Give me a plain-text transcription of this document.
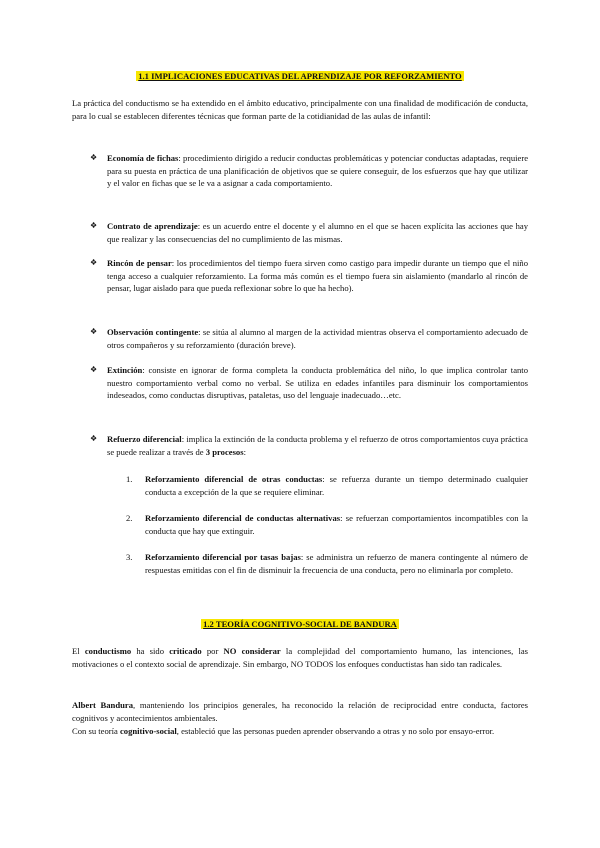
1.1 IMPLICACIONES EDUCATIVAS DEL APRENDIZAJE POR REFORZAMIENTO
La práctica del conductismo se ha extendido en el ámbito educativo, principalmente con una finalidad de modificación de conducta, para lo cual se establecen diferentes técnicas que forman parte de la cotidianidad de las aulas de infantil:
❖ Economía de fichas: procedimiento dirigido a reducir conductas problemáticas y potenciar conductas adaptadas, requiere para su puesta en práctica de una planificación de objetivos que se quiere conseguir, de los esfuerzos que hay que utilizar y el valor en fichas que se le va a asignar a cada comportamiento.
❖ Contrato de aprendizaje: es un acuerdo entre el docente y el alumno en el que se hacen explícita las acciones que hay que realizar y las consecuencias del no cumplimiento de las mismas.
❖ Rincón de pensar: los procedimientos del tiempo fuera sirven como castigo para impedir durante un tiempo que el niño tenga acceso a cualquier reforzamiento. La forma más común es el tiempo fuera sin aislamiento (mandarlo al rincón de pensar, lugar aislado para que pueda reflexionar sobre lo que ha hecho).
❖ Observación contingente: se sitúa al alumno al margen de la actividad mientras observa el comportamiento adecuado de otros compañeros y su reforzamiento (duración breve).
❖ Extinción: consiste en ignorar de forma completa la conducta problemática del niño, lo que implica controlar tanto nuestro comportamiento verbal como no verbal. Se utiliza en edades infantiles para disminuir los comportamientos indeseados, como conductas disruptivas, pataletas, uso del lenguaje inadecuado…etc.
❖ Refuerzo diferencial: implica la extinción de la conducta problema y el refuerzo de otros comportamientos cuya práctica se puede realizar a través de 3 procesos:
1. Reforzamiento diferencial de otras conductas: se refuerza durante un tiempo determinado cualquier conducta a excepción de la que se requiere eliminar.
2. Reforzamiento diferencial de conductas alternativas: se refuerzan comportamientos incompatibles con la conducta que hay que extinguir.
3. Reforzamiento diferencial por tasas bajas: se administra un refuerzo de manera contingente al número de respuestas emitidas con el fin de disminuir la frecuencia de una conducta, pero no eliminarla por completo.
1.2 TEORÍA COGNITIVO-SOCIAL DE BANDURA
El conductismo ha sido criticado por NO considerar la complejidad del comportamiento humano, las intenciones, las motivaciones o el contexto social de aprendizaje. Sin embargo, NO TODOS los enfoques conductistas han sido tan radicales.
Albert Bandura, manteniendo los principios generales, ha reconocido la relación de reciprocidad entre conducta, factores cognitivos y acontecimientos ambientales.
Con su teoría cognitivo-social, estableció que las personas pueden aprender observando a otras y no solo por ensayo-error.
